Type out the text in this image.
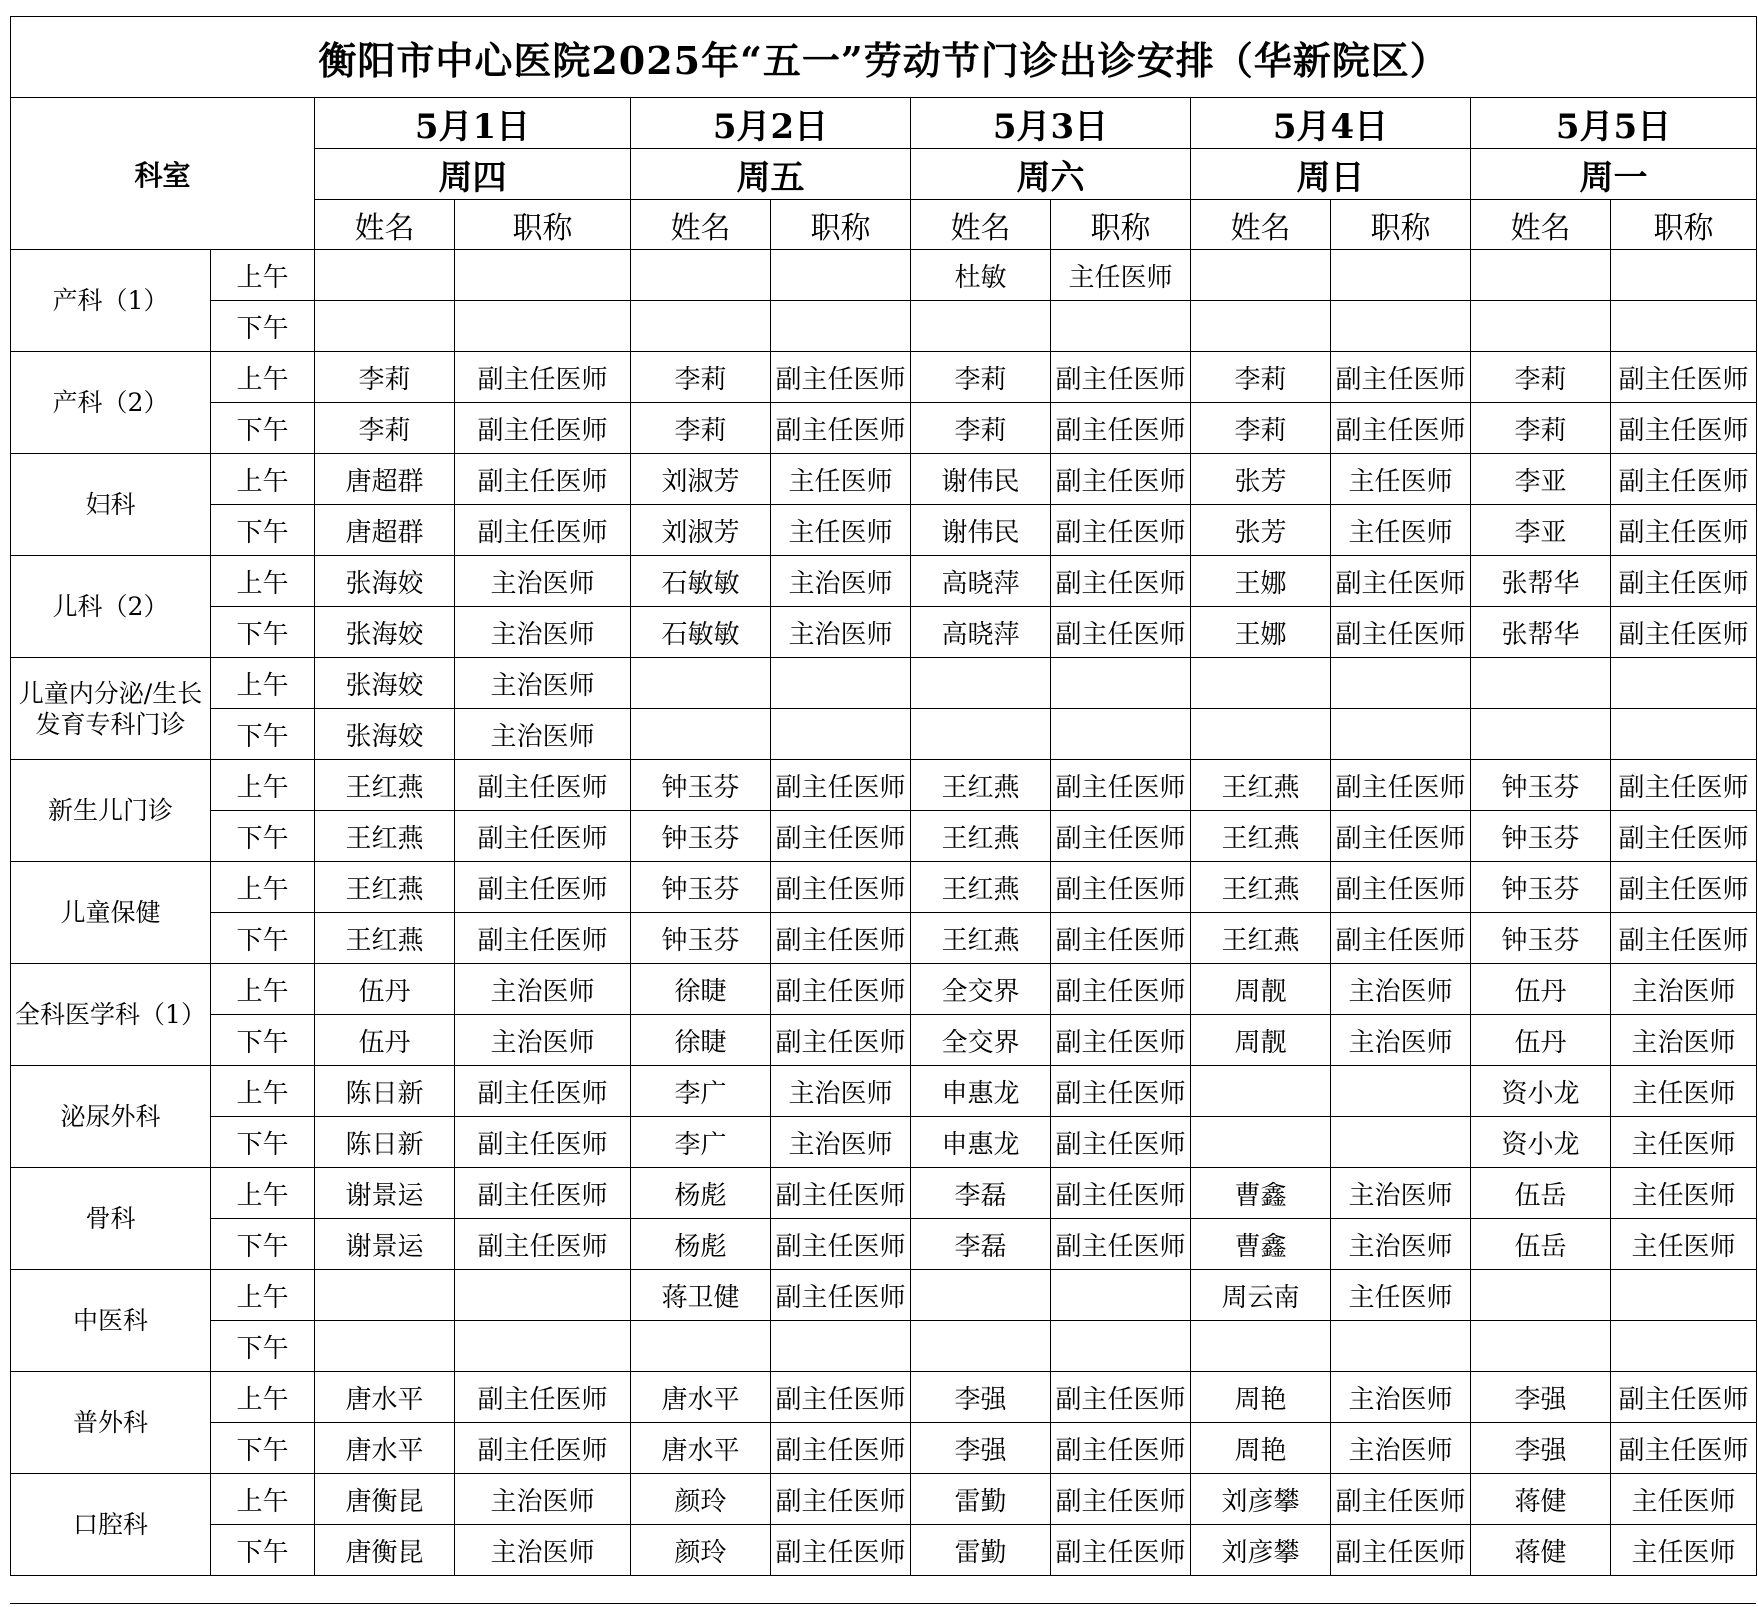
衡阳市中心医院2025年“五一”劳动节门诊出诊安排（华新院区）											
科室		5月1日		5月2日		5月3日		5月4日		5月5日	
		周四		周五		周六		周日		周一	
		姓名	职称	姓名	职称	姓名	职称	姓名	职称	姓名	职称
产科（1）	上午					杜敏	主任医师				
	下午										
产科（2）	上午	李莉	副主任医师	李莉	副主任医师	李莉	副主任医师	李莉	副主任医师	李莉	副主任医师
	下午	李莉	副主任医师	李莉	副主任医师	李莉	副主任医师	李莉	副主任医师	李莉	副主任医师
妇科	上午	唐超群	副主任医师	刘淑芳	主任医师	谢伟民	副主任医师	张芳	主任医师	李亚	副主任医师
	下午	唐超群	副主任医师	刘淑芳	主任医师	谢伟民	副主任医师	张芳	主任医师	李亚	副主任医师
儿科（2）	上午	张海姣	主治医师	石敏敏	主治医师	高晓萍	副主任医师	王娜	副主任医师	张帮华	副主任医师
	下午	张海姣	主治医师	石敏敏	主治医师	高晓萍	副主任医师	王娜	副主任医师	张帮华	副主任医师
儿童内分泌/生长发育专科门诊	上午	张海姣	主治医师								
	下午	张海姣	主治医师								
新生儿门诊	上午	王红燕	副主任医师	钟玉芬	副主任医师	王红燕	副主任医师	王红燕	副主任医师	钟玉芬	副主任医师
	下午	王红燕	副主任医师	钟玉芬	副主任医师	王红燕	副主任医师	王红燕	副主任医师	钟玉芬	副主任医师
儿童保健	上午	王红燕	副主任医师	钟玉芬	副主任医师	王红燕	副主任医师	王红燕	副主任医师	钟玉芬	副主任医师
	下午	王红燕	副主任医师	钟玉芬	副主任医师	王红燕	副主任医师	王红燕	副主任医师	钟玉芬	副主任医师
全科医学科（1）	上午	伍丹	主治医师	徐睫	副主任医师	全交界	副主任医师	周靓	主治医师	伍丹	主治医师
	下午	伍丹	主治医师	徐睫	副主任医师	全交界	副主任医师	周靓	主治医师	伍丹	主治医师
泌尿外科	上午	陈日新	副主任医师	李广	主治医师	申惠龙	副主任医师			资小龙	主任医师
	下午	陈日新	副主任医师	李广	主治医师	申惠龙	副主任医师			资小龙	主任医师
骨科	上午	谢景运	副主任医师	杨彪	副主任医师	李磊	副主任医师	曹鑫	主治医师	伍岳	主任医师
	下午	谢景运	副主任医师	杨彪	副主任医师	李磊	副主任医师	曹鑫	主治医师	伍岳	主任医师
中医科	上午			蒋卫健	副主任医师			周云南	主任医师		
	下午										
普外科	上午	唐水平	副主任医师	唐水平	副主任医师	李强	副主任医师	周艳	主治医师	李强	副主任医师
	下午	唐水平	副主任医师	唐水平	副主任医师	李强	副主任医师	周艳	主治医师	李强	副主任医师
口腔科	上午	唐衡昆	主治医师	颜玲	副主任医师	雷勤	副主任医师	刘彦攀	副主任医师	蒋健	主任医师
	下午	唐衡昆	主治医师	颜玲	副主任医师	雷勤	副主任医师	刘彦攀	副主任医师	蒋健	主任医师
